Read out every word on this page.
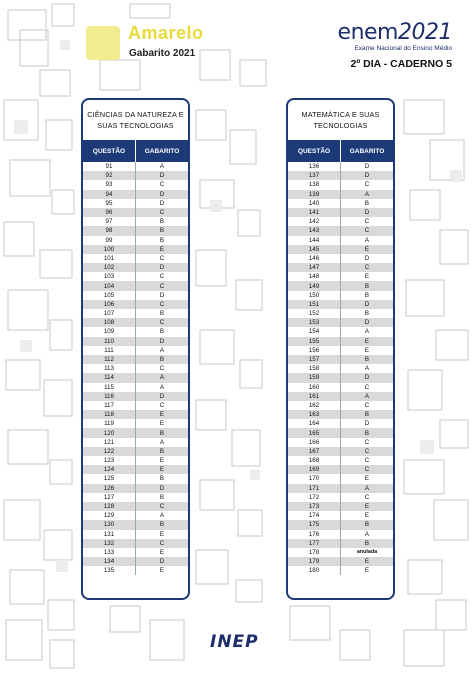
Amarelo
Gabarito 2021
enem2021
Exame Nacional do Ensino Médio
2º DIA - CADERNO 5
CIÊNCIAS DA NATUREZA E SUAS TECNOLOGIAS
QUESTÃO	GABARITO
91	A
92	D
93	C
94	D
95	D
96	C
97	B
98	B
99	B
100	E
101	C
102	D
103	C
104	C
105	D
106	C
107	B
108	C
109	B
110	D
111	A
112	B
113	C
114	A
115	A
116	D
117	C
118	E
119	E
120	B
121	A
122	B
123	E
124	E
125	B
126	D
127	B
128	C
129	A
130	B
131	E
132	C
133	E
134	D
135	E
MATEMÁTICA E SUAS TECNOLOGIAS
QUESTÃO	GABARITO
136	D
137	D
138	C
139	A
140	B
141	D
142	C
143	C
144	A
145	E
146	D
147	C
148	E
149	B
150	B
151	D
152	B
153	D
154	A
155	E
156	E
157	B
158	A
159	D
160	C
161	A
162	C
163	B
164	D
165	B
166	C
167	C
168	C
169	C
170	E
171	A
172	C
173	E
174	E
175	B
176	A
177	B
178	anulada
179	E
180	E
INEP
